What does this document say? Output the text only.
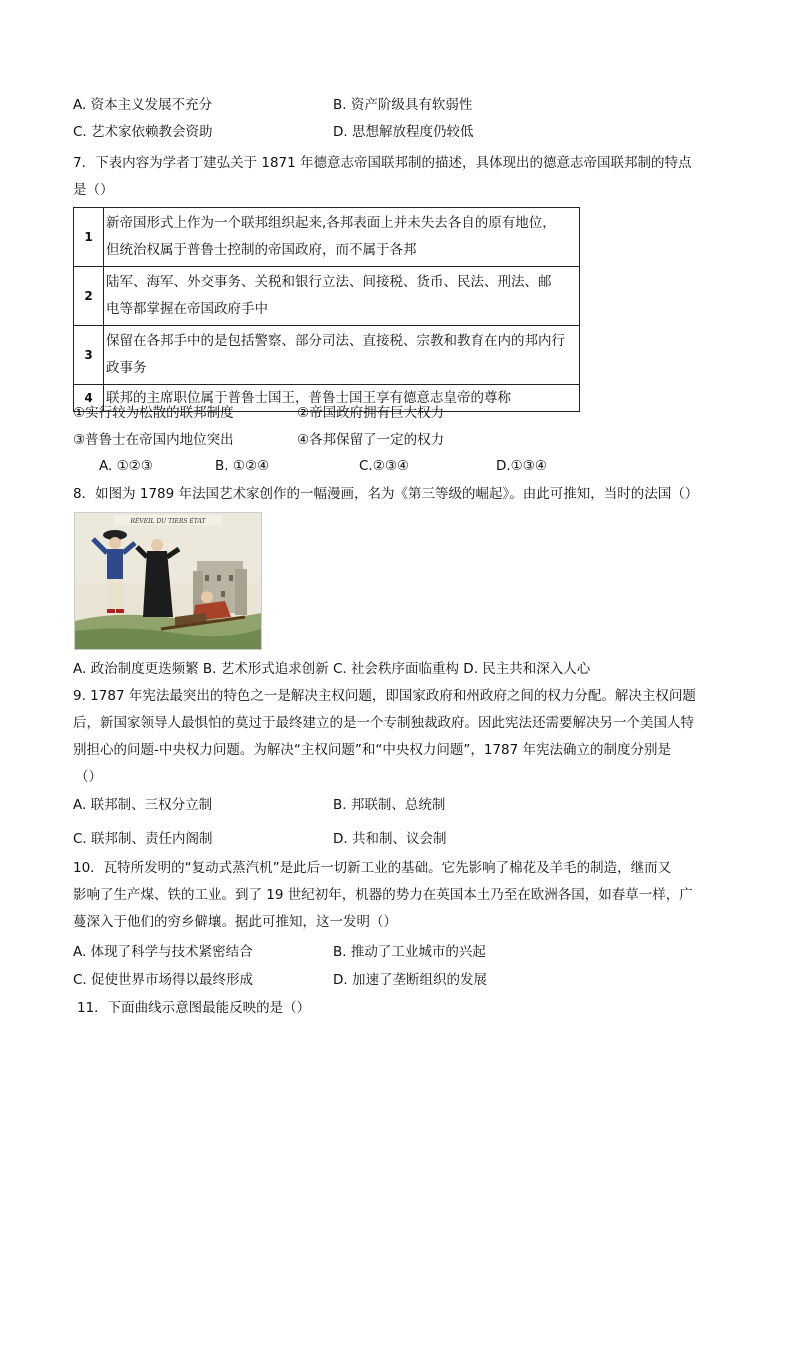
A. 资本主义发展不充分	B. 资产阶级具有软弱性
C. 艺术家依赖教会资助	D. 思想解放程度仍较低
7．下表内容为学者丁建弘关于 1871 年德意志帝国联邦制的描述，具体现出的德意志帝国联邦制的特点
是（）
1	新帝国形式上作为一个联邦组织起来,各邦表面上并未失去各自的原有地位，
但统治权属于普鲁士控制的帝国政府，而不属于各邦
2	陆军、海军、外交事务、关税和银行立法、间接税、货币、民法、刑法、邮
电等都掌握在帝国政府手中
3	保留在各邦手中的是包括警察、部分司法、直接税、宗教和教育在内的邦内行
政事务
4	联邦的主席职位属于普鲁士国王，普鲁士国王享有德意志皇帝的尊称
①实行较为松散的联邦制度	②帝国政府拥有巨大权力
③普鲁士在帝国内地位突出	④各邦保留了一定的权力
A. ①②③	B. ①②④	C.②③④	D.①③④
8．如图为 1789 年法国艺术家创作的一幅漫画，名为《第三等级的崛起》。由此可推知，当时的法国（）
RÉVEIL DU TIERS ÉTAT
A. 政治制度更迭频繁 B. 艺术形式追求创新 C. 社会秩序面临重构 D. 民主共和深入人心
9. 1787 年宪法最突出的特色之一是解决主权问题，即国家政府和州政府之间的权力分配。解决主权问题
后，新国家领导人最惧怕的莫过于最终建立的是一个专制独裁政府。因此宪法还需要解决另一个美国人特
别担心的问题-中央权力问题。为解决“主权问题”和“中央权力问题”，1787 年宪法确立的制度分别是
（）
A. 联邦制、三权分立制	B. 邦联制、总统制
C. 联邦制、责任内阁制	D. 共和制、议会制
10．瓦特所发明的“复动式蒸汽机”是此后一切新工业的基础。它先影响了棉花及羊毛的制造，继而又
影响了生产煤、铁的工业。到了 19 世纪初年，机器的势力在英国本土乃至在欧洲各国，如春草一样，广
蔓深入于他们的穷乡僻壤。据此可推知，这一发明（）
A. 体现了科学与技术紧密结合	B. 推动了工业城市的兴起
C. 促使世界市场得以最终形成	D. 加速了垄断组织的发展
11．下面曲线示意图最能反映的是（）
